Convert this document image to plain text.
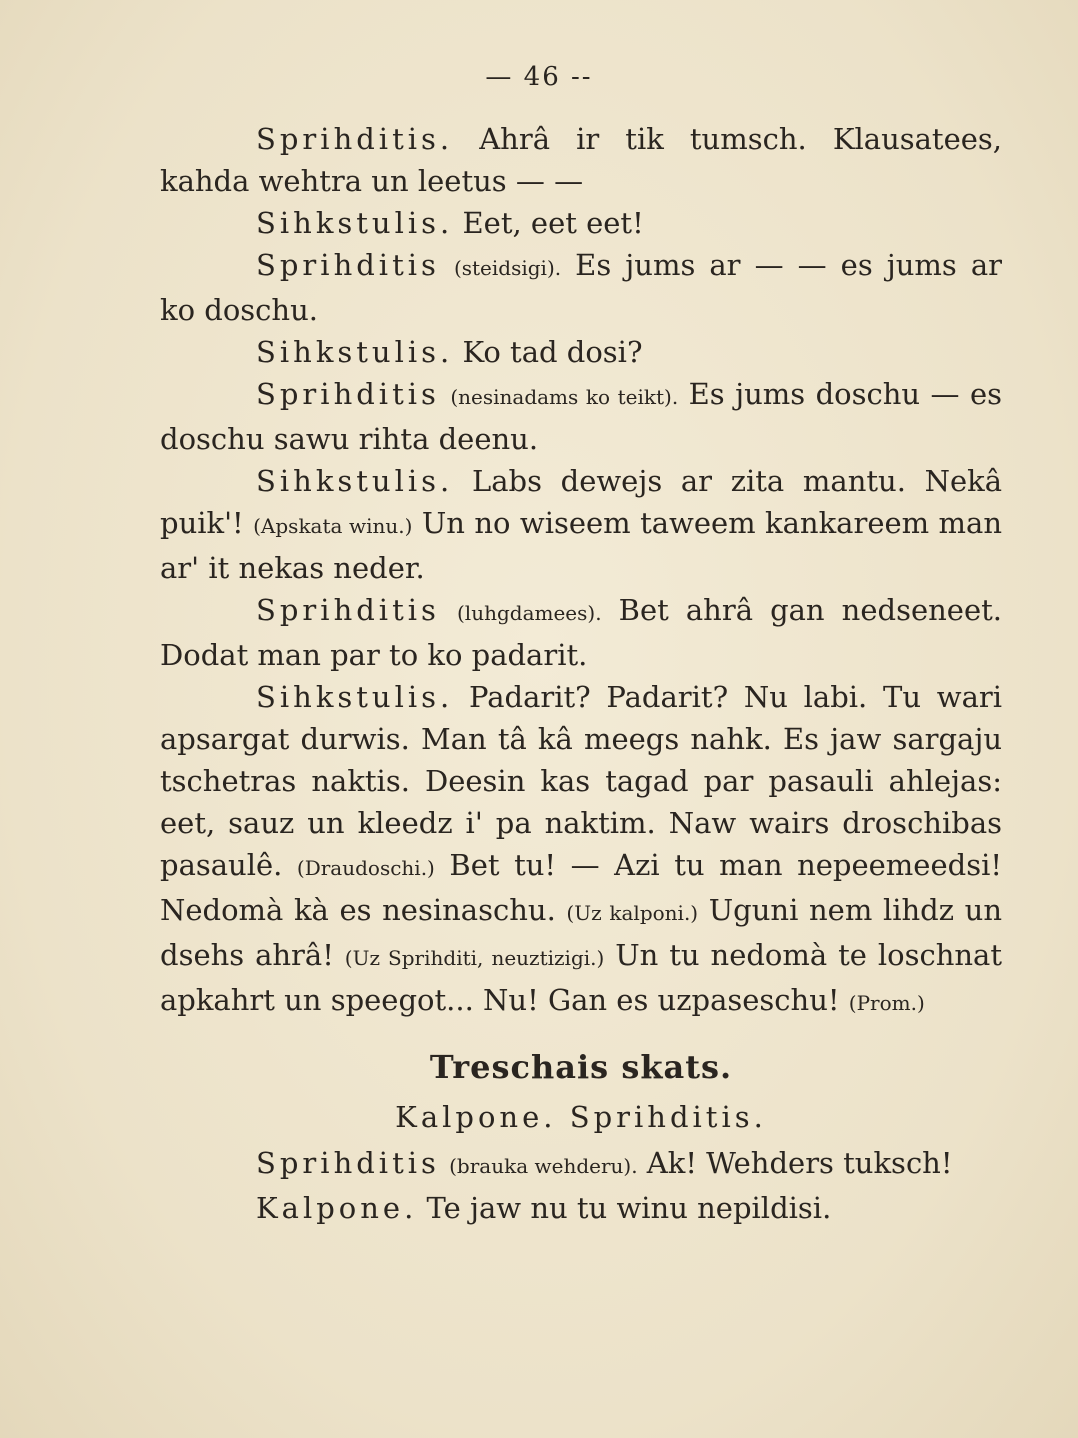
— 46 --

Sprihditis. Ahrâ ir tik tumsch. Klausatees, kahda wehtra un leetus — —

Sihkstulis. Eet, eet eet!

Sprihditis (steidsigi). Es jums ar — — es jums ar ko doschu.

Sihkstulis. Ko tad dosi?

Sprihditis (nesinadams ko teikt). Es jums doschu — es doschu sawu rihta deenu.

Sihkstulis. Labs dewejs ar zita mantu. Nekâ puik'! (Apskata winu.) Un no wiseem taweem kankareem man ar' it nekas neder.

Sprihditis (luhgdamees). Bet ahrâ gan nedseneet. Dodat man par to ko padarit.

Sihkstulis. Padarit? Padarit? Nu labi. Tu wari apsargat durwis. Man tâ kâ meegs nahk. Es jaw sargaju tschetras naktis. Deesin kas tagad par pasauli ahlejas: eet, sauz un kleedz i' pa naktim. Naw wairs droschibas pasaulê. (Draudoschi.) Bet tu! — Azi tu man nepeemeedsi! Nedomà kà es nesinaschu. (Uz kalponi.) Uguni nem lihdz un dsehs ahrâ! (Uz Sprihditi, neuztizigi.) Un tu nedomà te loschnat apkahrt un speegot... Nu! Gan es uzpaseschu! (Prom.)

Treschais skats.

Kalpone. Sprihditis.

Sprihditis (brauka wehderu). Ak! Wehders tuksch!

Kalpone. Te jaw nu tu winu nepildisi.
